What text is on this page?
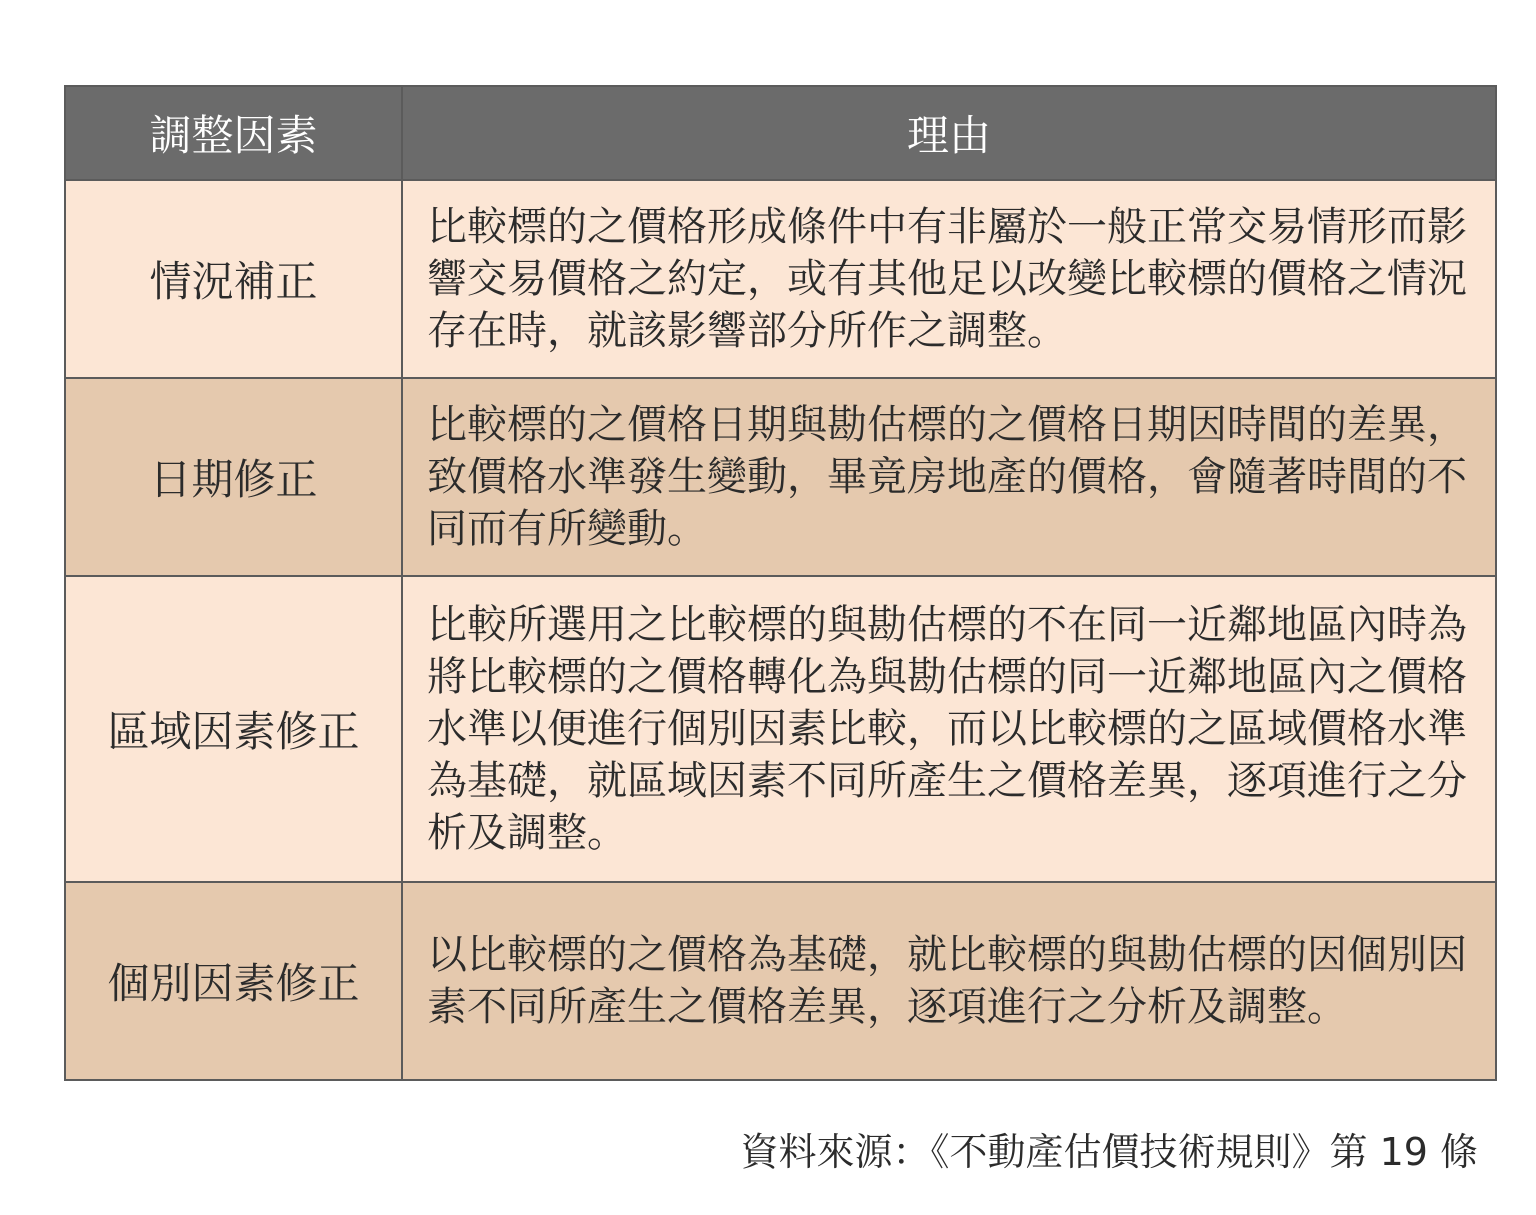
調整因素	理由
情況補正	比較標的之價格形成條件中有非屬於一般正常交易情形而影響交易價格之約定，或有其他足以改變比較標的價格之情況存在時，就該影響部分所作之調整。
日期修正	比較標的之價格日期與勘估標的之價格日期因時間的差異，致價格水準發生變動，畢竟房地產的價格，會隨著時間的不同而有所變動。
區域因素修正	比較所選用之比較標的與勘估標的不在同一近鄰地區內時為將比較標的之價格轉化為與勘估標的同一近鄰地區內之價格水準以便進行個別因素比較，而以比較標的之區域價格水準為基礎，就區域因素不同所產生之價格差異，逐項進行之分析及調整。
個別因素修正	以比較標的之價格為基礎，就比較標的與勘估標的因個別因素不同所產生之價格差異，逐項進行之分析及調整。
資料來源：《不動產估價技術規則》第 19 條
